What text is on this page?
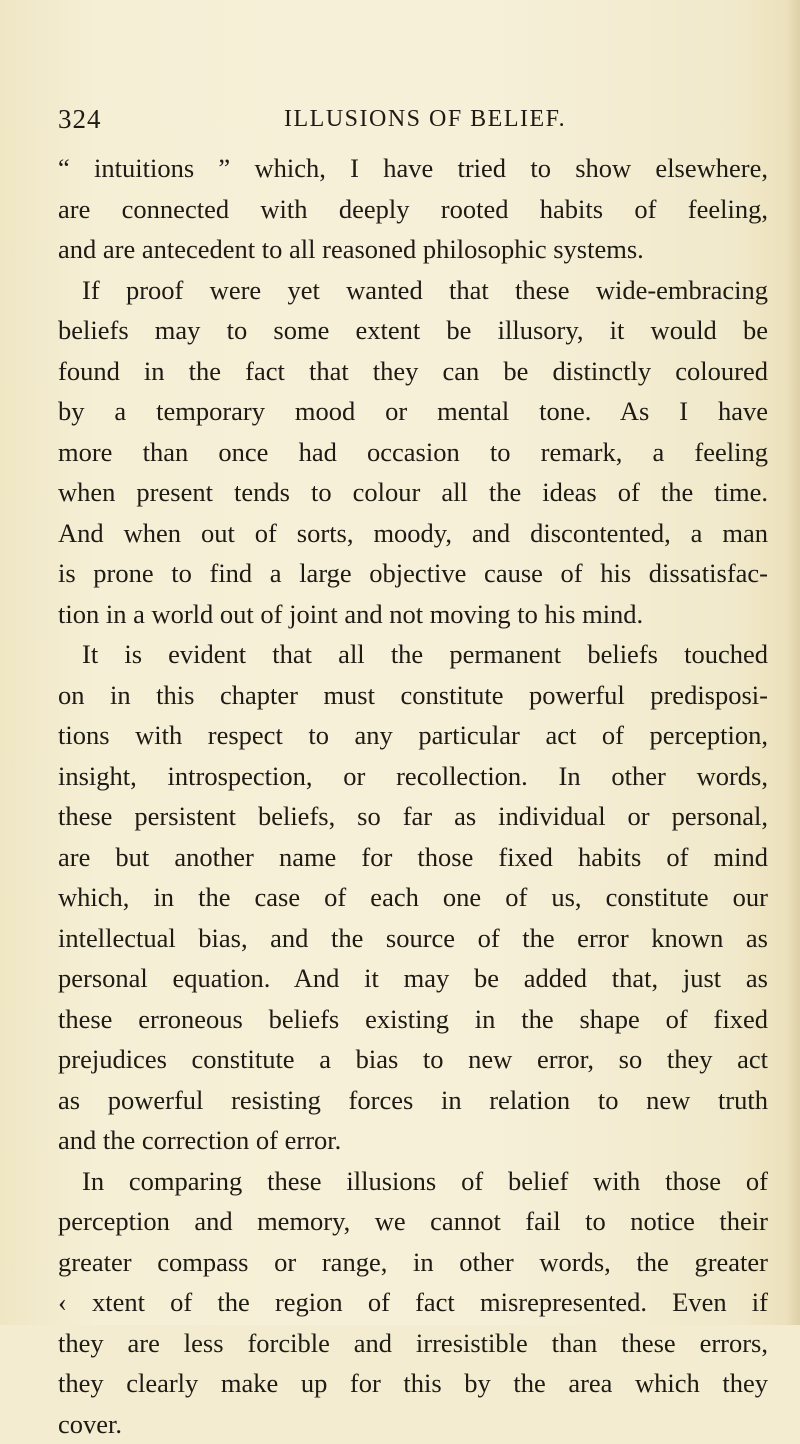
324	ILLUSIONS OF BELIEF.
“ intuitions ” which, I have tried to show elsewhere,
are connected with deeply rooted habits of feeling,
and are antecedent to all reasoned philosophic systems.
If proof were yet wanted that these wide-embracing
beliefs may to some extent be illusory, it would be
found in the fact that they can be distinctly coloured
by a temporary mood or mental tone. As I have
more than once had occasion to remark, a feeling
when present tends to colour all the ideas of the time.
And when out of sorts, moody, and discontented, a man
is prone to find a large objective cause of his dissatisfac-
tion in a world out of joint and not moving to his mind.
It is evident that all the permanent beliefs touched
on in this chapter must constitute powerful predisposi-
tions with respect to any particular act of perception,
insight, introspection, or recollection. In other words,
these persistent beliefs, so far as individual or personal,
are but another name for those fixed habits of mind
which, in the case of each one of us, constitute our
intellectual bias, and the source of the error known as
personal equation. And it may be added that, just as
these erroneous beliefs existing in the shape of fixed
prejudices constitute a bias to new error, so they act
as powerful resisting forces in relation to new truth
and the correction of error.
In comparing these illusions of belief with those of
perception and memory, we cannot fail to notice their
greater compass or range, in other words, the greater
‹ xtent of the region of fact misrepresented. Even if
they are less forcible and irresistible than these errors,
they clearly make up for this by the area which they
cover.
